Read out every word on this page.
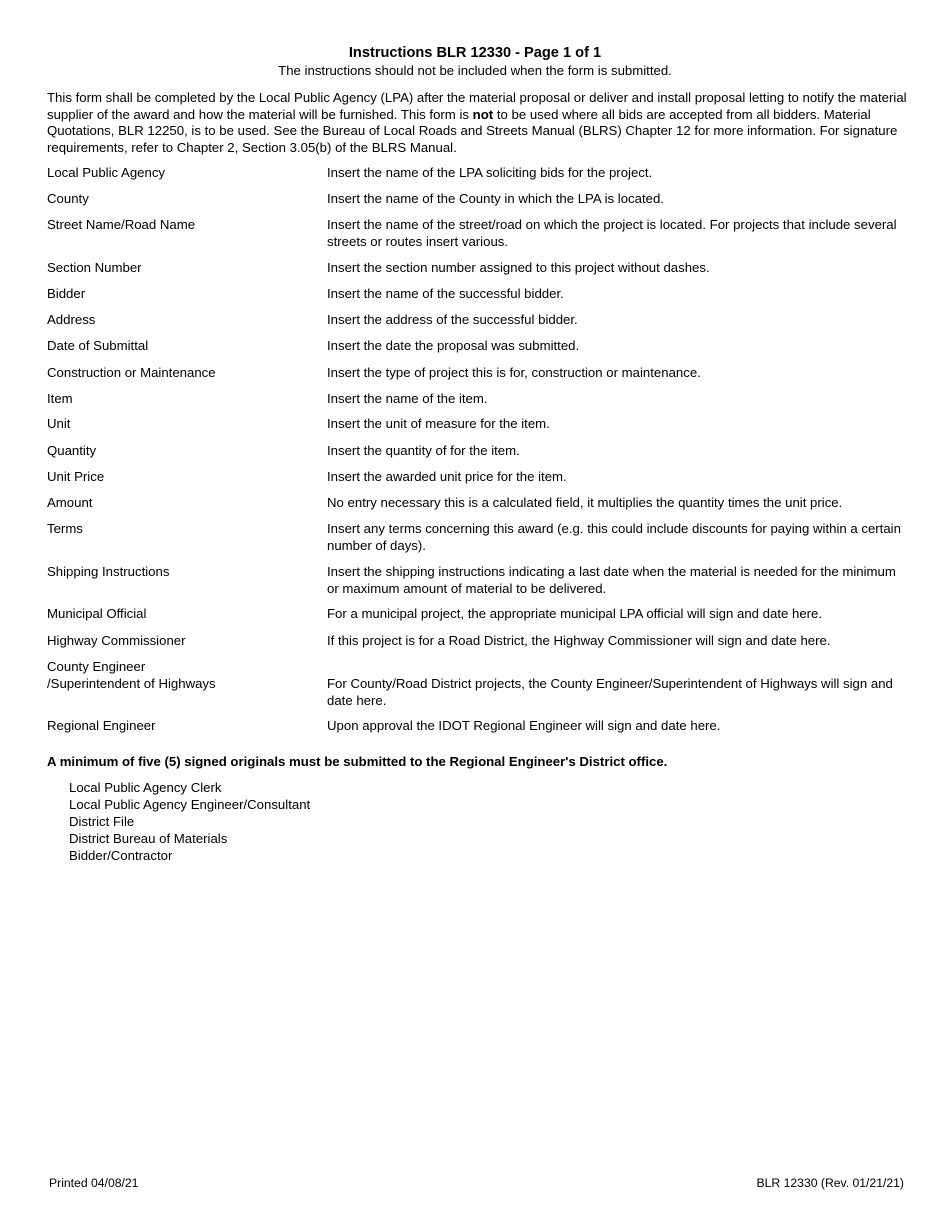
Instructions BLR 12330 - Page 1 of 1
The instructions should not be included when the form is submitted.
This form shall be completed by the Local Public Agency (LPA) after the material proposal or deliver and install proposal letting to notify the material supplier of the award and how the material will be furnished. This form is not to be used where all bids are accepted from all bidders. Material Quotations, BLR 12250, is to be used. See the Bureau of Local Roads and Streets Manual (BLRS) Chapter 12 for more information. For signature requirements, refer to Chapter 2, Section 3.05(b) of the BLRS Manual.
Local Public Agency	Insert the name of the LPA soliciting bids for the project.
County	Insert the name of the County in which the LPA is located.
Street Name/Road Name	Insert the name of the street/road on which the project is located. For projects that include several streets or routes insert various.
Section Number	Insert the section number assigned to this project without dashes.
Bidder	Insert the name of the successful bidder.
Address	Insert the address of the successful bidder.
Date of Submittal	Insert the date the proposal was submitted.
Construction or Maintenance	Insert the type of project this is for, construction or maintenance.
Item	Insert the name of the item.
Unit	Insert the unit of measure for the item.
Quantity	Insert the quantity of for the item.
Unit Price	Insert the awarded unit price for the item.
Amount	No entry necessary this is a calculated field, it multiplies the quantity times the unit price.
Terms	Insert any terms concerning this award (e.g. this could include discounts for paying within a certain number of days).
Shipping Instructions	Insert the shipping instructions indicating a last date when the material is needed for the minimum or maximum amount of material to be delivered.
Municipal Official	For a municipal project, the appropriate municipal LPA official will sign and date here.
Highway Commissioner	If this project is for a Road District, the Highway Commissioner will sign and date here.
County Engineer
/Superintendent of Highways	For County/Road District projects, the County Engineer/Superintendent of Highways will sign and date here.
Regional Engineer	Upon approval the IDOT Regional Engineer will sign and date here.
A minimum of five (5) signed originals must be submitted to the Regional Engineer's District office.
Local Public Agency Clerk
Local Public Agency Engineer/Consultant
District File
District Bureau of Materials
Bidder/Contractor
Printed 04/08/21	BLR 12330 (Rev. 01/21/21)
